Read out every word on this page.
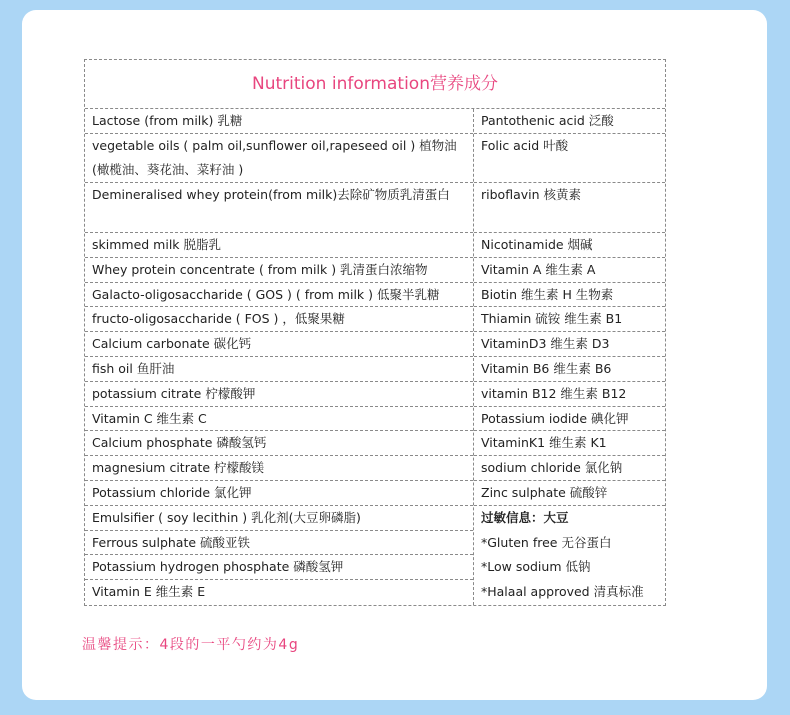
Nutrition information营养成分
Lactose (from milk) 乳糖
vegetable oils ( palm oil,sunflower oil,rapeseed oil ) 植物油(橄榄油、葵花油、菜籽油 )
Demineralised whey protein(from milk)去除矿物质乳清蛋白
skimmed milk 脱脂乳
Whey protein concentrate ( from milk ) 乳清蛋白浓缩物
Galacto-oligosaccharide ( GOS ) ( from milk ) 低聚半乳糖
fructo-oligosaccharide ( FOS ) ，低聚果糖
Calcium carbonate 碳化钙
fish oil 鱼肝油
potassium citrate 柠檬酸钾
Vitamin C 维生素 C
Calcium phosphate 磷酸氢钙
magnesium citrate 柠檬酸镁
Potassium chloride 氯化钾
Emulsifier ( soy lecithin ) 乳化剂(大豆卵磷脂)
Ferrous sulphate 硫酸亚铁
Potassium hydrogen phosphate 磷酸氢钾
Vitamin E 维生素 E
Pantothenic acid 泛酸
Folic acid 叶酸
riboflavin 核黄素
Nicotinamide 烟碱
Vitamin A 维生素 A
Biotin 维生素 H 生物素
Thiamin 硫铵 维生素 B1
VitaminD3 维生素 D3
Vitamin B6 维生素 B6
vitamin B12 维生素 B12
Potassium iodide 碘化钾
VitaminK1 维生素 K1
sodium chloride 氯化钠
Zinc sulphate 硫酸锌
过敏信息：大豆
*Gluten free 无谷蛋白
*Low sodium 低钠
*Halaal approved 清真标准
温馨提示：4段的一平勺约为4g
